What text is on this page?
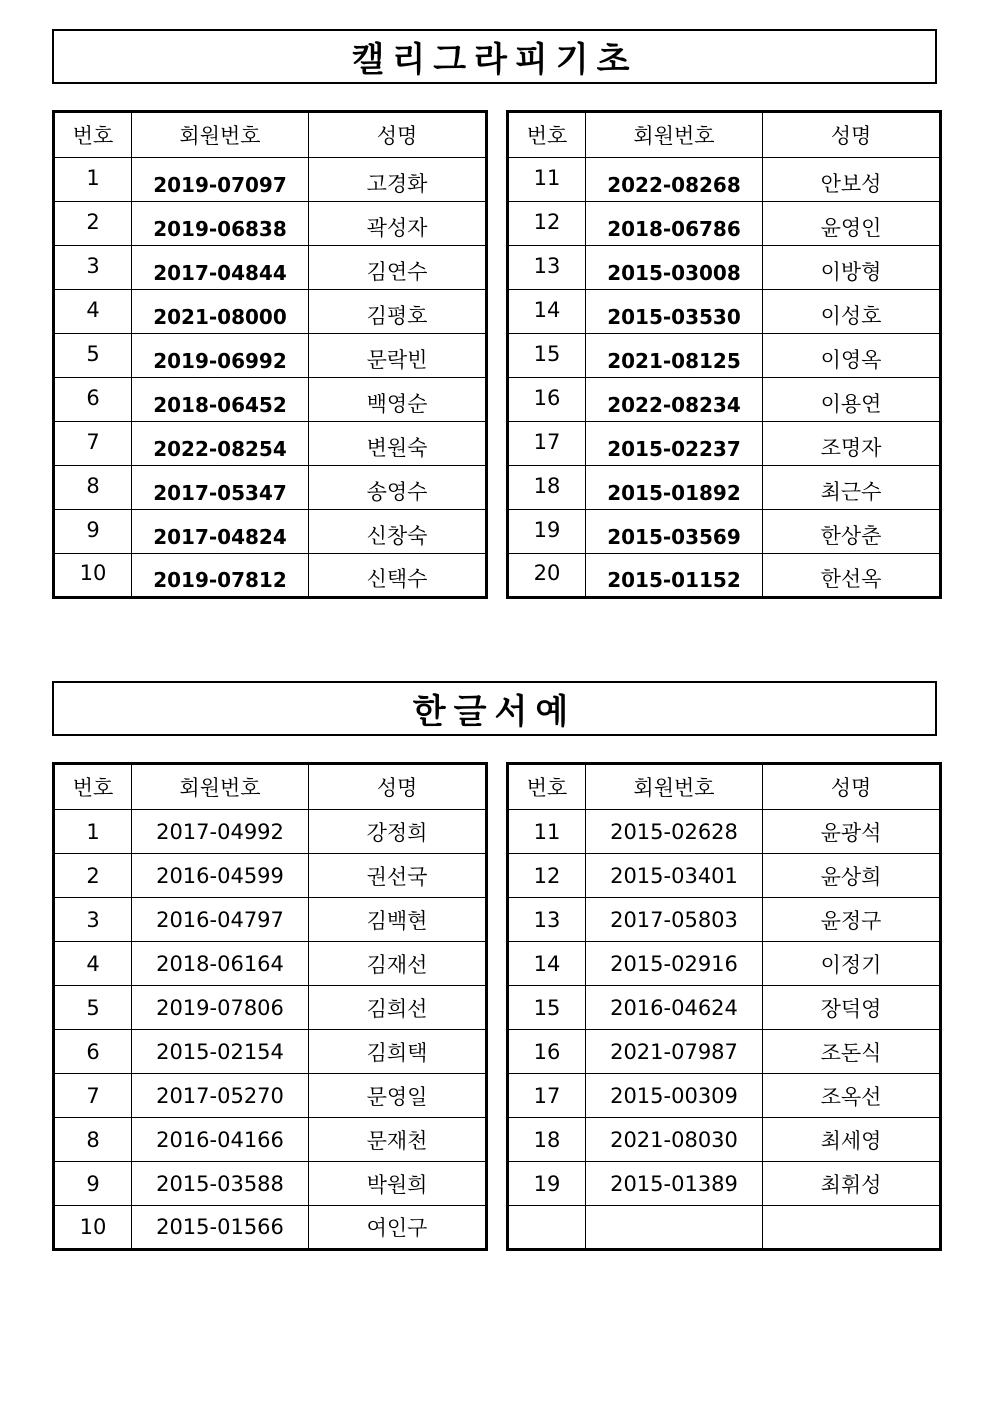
캘리그라피기초
번호	회원번호	성명
1	2019-07097	고경화
2	2019-06838	곽성자
3	2017-04844	김연수
4	2021-08000	김평호
5	2019-06992	문락빈
6	2018-06452	백영순
7	2022-08254	변원숙
8	2017-05347	송영수
9	2017-04824	신창숙
10	2019-07812	신택수
번호	회원번호	성명
11	2022-08268	안보성
12	2018-06786	윤영인
13	2015-03008	이방형
14	2015-03530	이성호
15	2021-08125	이영옥
16	2022-08234	이용연
17	2015-02237	조명자
18	2015-01892	최근수
19	2015-03569	한상춘
20	2015-01152	한선옥
한글서예
번호	회원번호	성명
1	2017-04992	강정희
2	2016-04599	권선국
3	2016-04797	김백현
4	2018-06164	김재선
5	2019-07806	김희선
6	2015-02154	김희택
7	2017-05270	문영일
8	2016-04166	문재천
9	2015-03588	박원희
10	2015-01566	여인구
번호	회원번호	성명
11	2015-02628	윤광석
12	2015-03401	윤상희
13	2017-05803	윤정구
14	2015-02916	이정기
15	2016-04624	장덕영
16	2021-07987	조돈식
17	2015-00309	조옥선
18	2021-08030	최세영
19	2015-01389	최휘성
